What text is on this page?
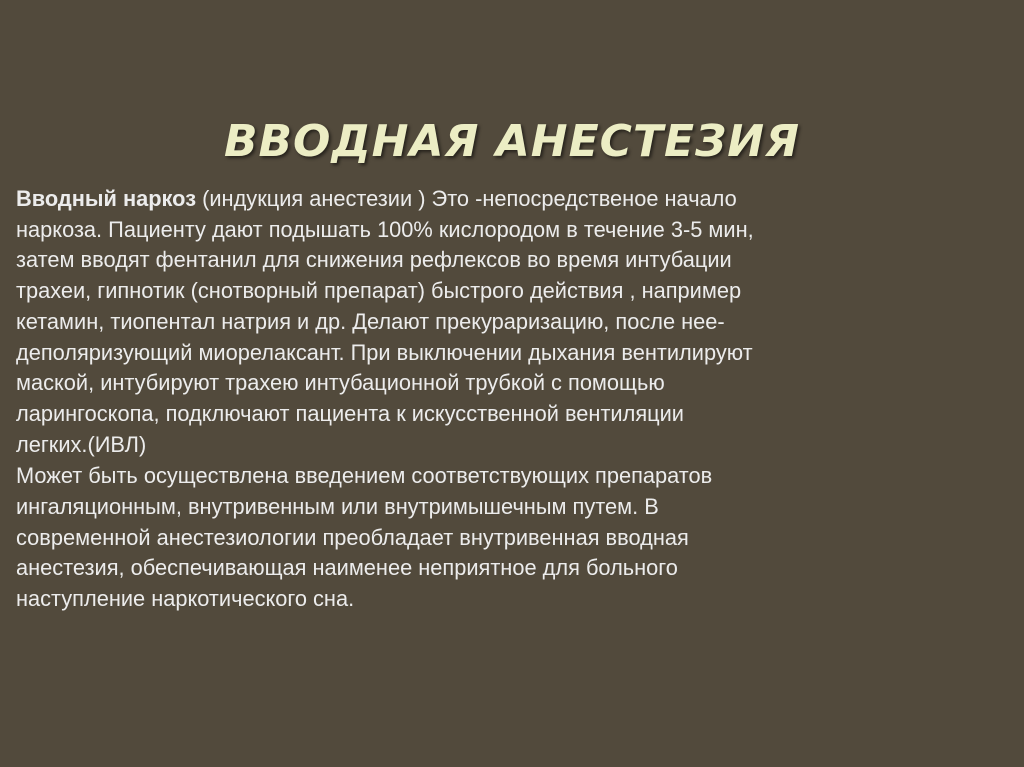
ВВОДНАЯ АНЕСТЕЗИЯ

Вводный наркоз (индукция анестезии ) Это -непосредственое начало
наркоза. Пациенту дают подышать 100% кислородом в течение 3-5 мин,
затем вводят фентанил для снижения рефлексов во время интубации
трахеи, гипнотик (снотворный препарат) быстрого действия , например
кетамин, тиопентал натрия и др. Делают прекураризацию, после нее-
деполяризующий миорелаксант. При выключении дыхания вентилируют
маской, интубируют трахею интубационной трубкой с помощью
ларингоскопа, подключают пациента к искусственной вентиляции
легких.(ИВЛ)

Может быть осуществлена введением соответствующих препаратов
ингаляционным, внутривенным или внутримышечным путем. В
современной анестезиологии преобладает внутривенная вводная
анестезия, обеспечивающая наименее неприятное для больного
наступление наркотического сна.
